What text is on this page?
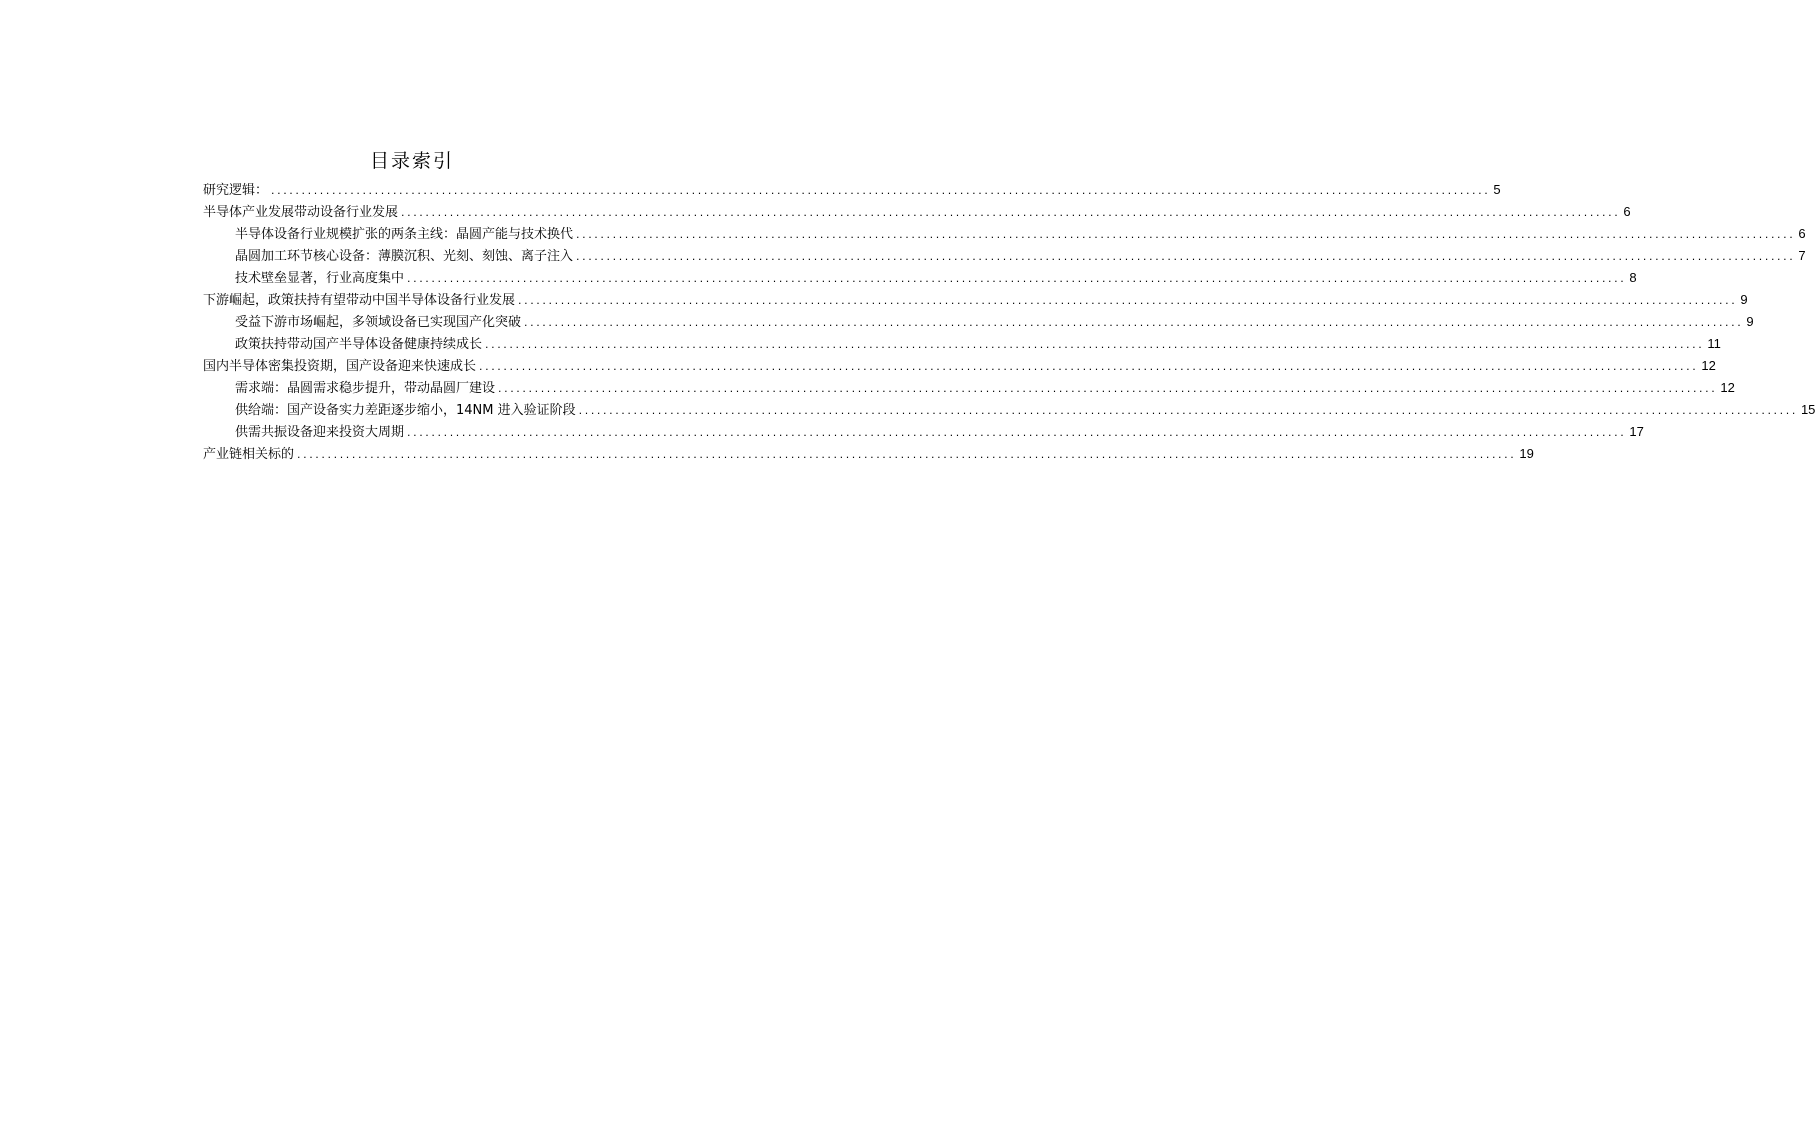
目录索引
研究逻辑： ........................................................................................................................................................................................................ 5
半导体产业发展带动设备行业发展 ........................................................................................................................................................................................................ 6
半导体设备行业规模扩张的两条主线：晶圆产能与技术换代 ........................................................................................................................................................................................................ 6
晶圆加工环节核心设备：薄膜沉积、光刻、刻蚀、离子注入 ........................................................................................................................................................................................................ 7
技术壁垒显著，行业高度集中 ........................................................................................................................................................................................................ 8
下游崛起，政策扶持有望带动中国半导体设备行业发展 ........................................................................................................................................................................................................ 9
受益下游市场崛起，多领域设备已实现国产化突破 ........................................................................................................................................................................................................ 9
政策扶持带动国产半导体设备健康持续成长 ........................................................................................................................................................................................................ 11
国内半导体密集投资期，国产设备迎来快速成长 ........................................................................................................................................................................................................ 12
需求端：晶圆需求稳步提升，带动晶圆厂建设 ........................................................................................................................................................................................................ 12
供给端：国产设备实力差距逐步缩小，14NM 进入验证阶段 ........................................................................................................................................................................................................ 15
供需共振设备迎来投资大周期 ........................................................................................................................................................................................................ 17
产业链相关标的 ........................................................................................................................................................................................................ 19
